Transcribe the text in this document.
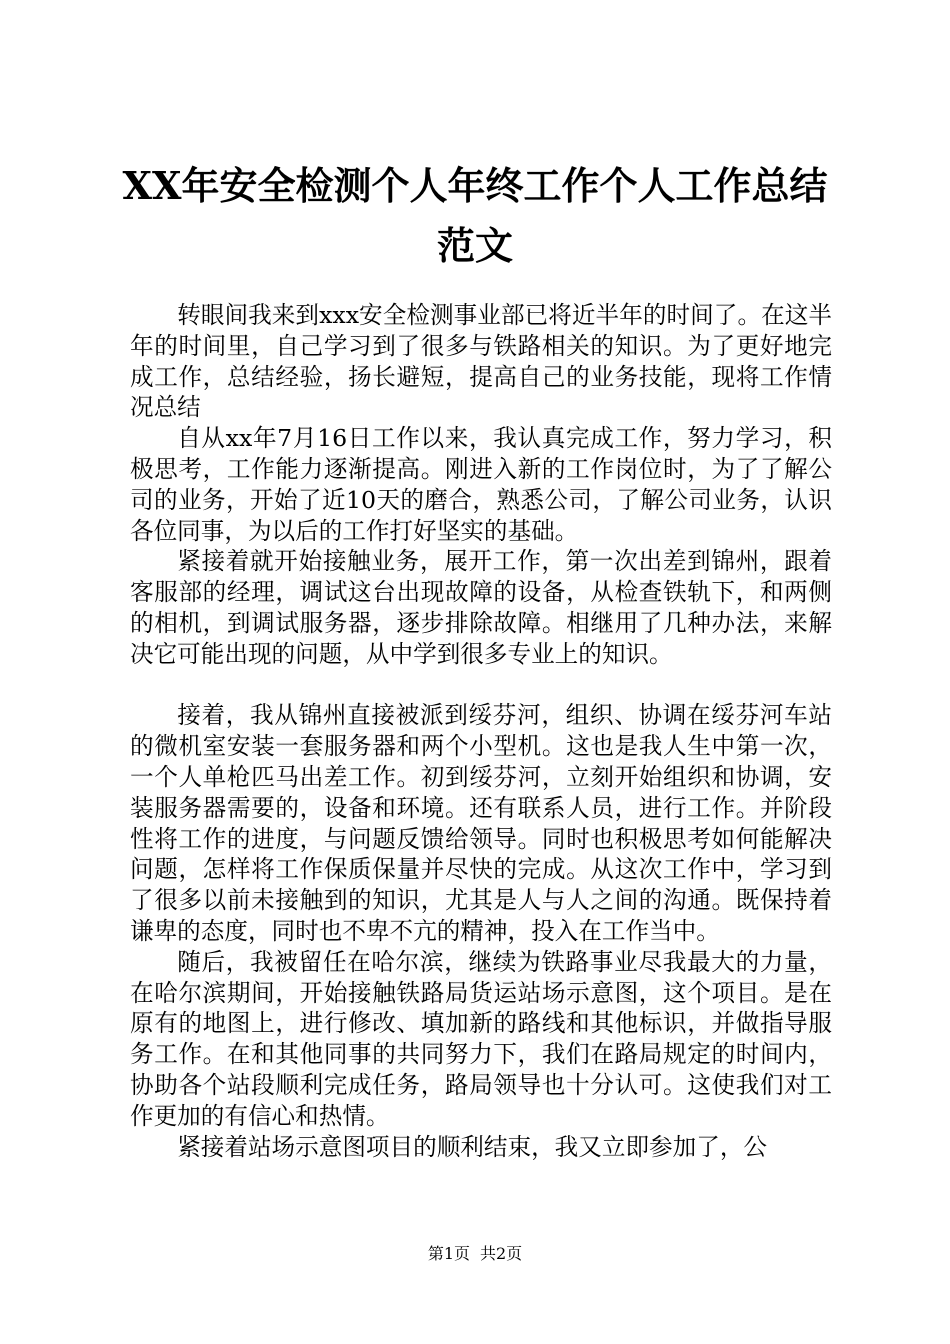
XX年安全检测个人年终工作个人工作总结范文

转眼间我来到xxx安全检测事业部已将近半年的时间了。在这半年的时间里，自己学习到了很多与铁路相关的知识。为了更好地完成工作，总结经验，扬长避短，提高自己的业务技能，现将工作情况总结

自从xx年7月16日工作以来，我认真完成工作，努力学习，积极思考，工作能力逐渐提高。刚进入新的工作岗位时，为了了解公司的业务，开始了近10天的磨合，熟悉公司，了解公司业务，认识各位同事，为以后的工作打好坚实的基础。

紧接着就开始接触业务，展开工作，第一次出差到锦州，跟着客服部的经理，调试这台出现故障的设备，从检查铁轨下，和两侧的相机，到调试服务器，逐步排除故障。相继用了几种办法，来解决它可能出现的问题，从中学到很多专业上的知识。

接着，我从锦州直接被派到绥芬河，组织、协调在绥芬河车站的微机室安装一套服务器和两个小型机。这也是我人生中第一次，一个人单枪匹马出差工作。初到绥芬河，立刻开始组织和协调，安装服务器需要的，设备和环境。还有联系人员，进行工作。并阶段性将工作的进度，与问题反馈给领导。同时也积极思考如何能解决问题，怎样将工作保质保量并尽快的完成。从这次工作中，学习到了很多以前未接触到的知识，尤其是人与人之间的沟通。既保持着谦卑的态度，同时也不卑不亢的精神，投入在工作当中。

随后，我被留任在哈尔滨，继续为铁路事业尽我最大的力量，在哈尔滨期间，开始接触铁路局货运站场示意图，这个项目。是在原有的地图上，进行修改、填加新的路线和其他标识，并做指导服务工作。在和其他同事的共同努力下，我们在路局规定的时间内，协助各个站段顺利完成任务，路局领导也十分认可。这使我们对工作更加的有信心和热情。

紧接着站场示意图项目的顺利结束，我又立即参加了，公

第1页 共2页
